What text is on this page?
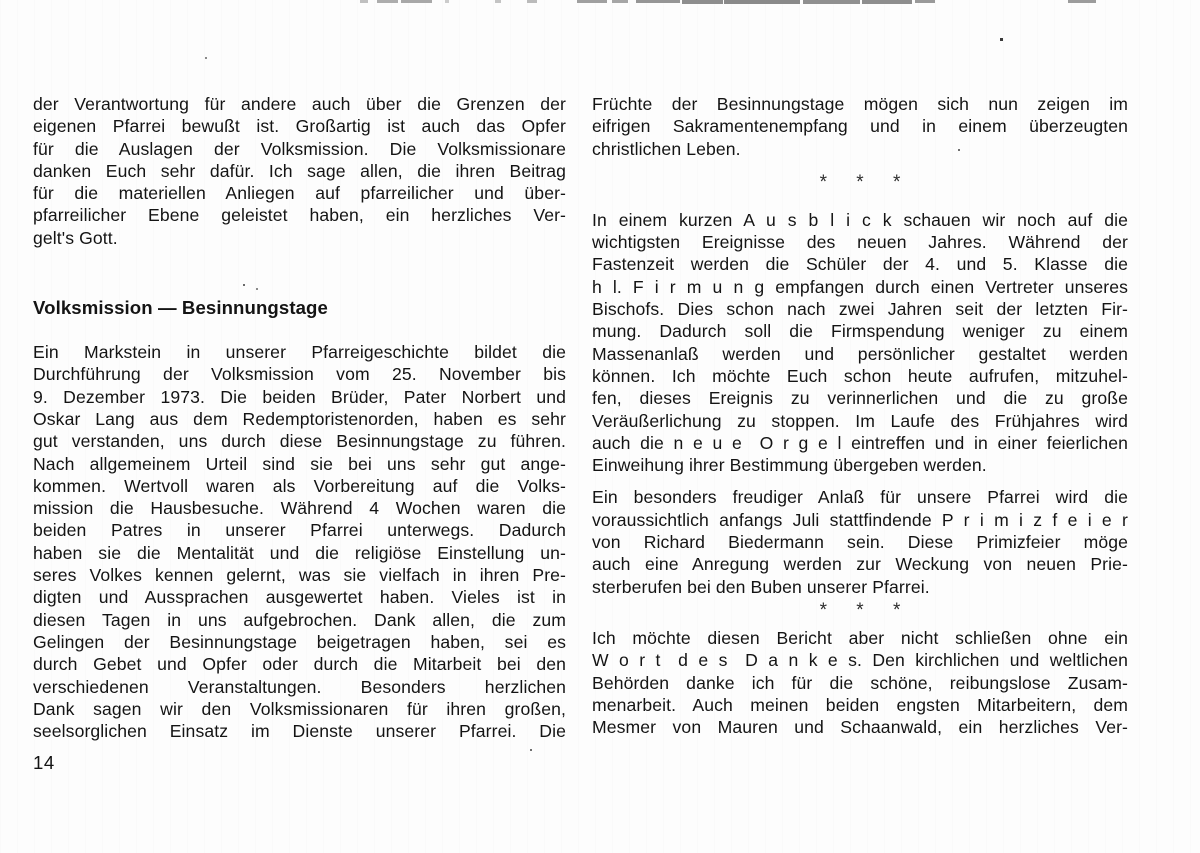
der Verantwortung für andere auch über die Grenzen der
eigenen Pfarrei bewußt ist. Großartig ist auch das Opfer
für die Auslagen der Volksmission. Die Volksmissionare
danken Euch sehr dafür. Ich sage allen, die ihren Beitrag
für die materiellen Anliegen auf pfarreilicher und über-
pfarreilicher Ebene geleistet haben, ein herzliches Ver-
gelt's Gott.
Volksmission — Besinnungstage
Ein Markstein in unserer Pfarreigeschichte bildet die
Durchführung der Volksmission vom 25. November bis
9. Dezember 1973. Die beiden Brüder, Pater Norbert und
Oskar Lang aus dem Redemptoristenorden, haben es sehr
gut verstanden, uns durch diese Besinnungstage zu führen.
Nach allgemeinem Urteil sind sie bei uns sehr gut ange-
kommen. Wertvoll waren als Vorbereitung auf die Volks-
mission die Hausbesuche. Während 4 Wochen waren die
beiden Patres in unserer Pfarrei unterwegs. Dadurch
haben sie die Mentalität und die religiöse Einstellung un-
seres Volkes kennen gelernt, was sie vielfach in ihren Pre-
digten und Aussprachen ausgewertet haben. Vieles ist in
diesen Tagen in uns aufgebrochen. Dank allen, die zum
Gelingen der Besinnungstage beigetragen haben, sei es
durch Gebet und Opfer oder durch die Mitarbeit bei den
verschiedenen Veranstaltungen. Besonders herzlichen
Dank sagen wir den Volksmissionaren für ihren großen,
seelsorglichen Einsatz im Dienste unserer Pfarrei. Die
Früchte der Besinnungstage mögen sich nun zeigen im
eifrigen Sakramentenempfang und in einem überzeugten
christlichen Leben.
* * *
In einem kurzen A u s b l i c k schauen wir noch auf die
wichtigsten Ereignisse des neuen Jahres. Während der
Fastenzeit werden die Schüler der 4. und 5. Klasse die
h l. F i r m u n g empfangen durch einen Vertreter unseres
Bischofs. Dies schon nach zwei Jahren seit der letzten Fir-
mung. Dadurch soll die Firmspendung weniger zu einem
Massenanlaß werden und persönlicher gestaltet werden
können. Ich möchte Euch schon heute aufrufen, mitzuhel-
fen, dieses Ereignis zu verinnerlichen und die zu große
Veräußerlichung zu stoppen. Im Laufe des Frühjahres wird
auch die n e u e O r g e l eintreffen und in einer feierlichen
Einweihung ihrer Bestimmung übergeben werden.
Ein besonders freudiger Anlaß für unsere Pfarrei wird die
voraussichtlich anfangs Juli stattfindende P r i m i z f e i e r
von Richard Biedermann sein. Diese Primizfeier möge
auch eine Anregung werden zur Weckung von neuen Prie-
sterberufen bei den Buben unserer Pfarrei.
* * *
Ich möchte diesen Bericht aber nicht schließen ohne ein
W o r t d e s D a n k e s. Den kirchlichen und weltlichen
Behörden danke ich für die schöne, reibungslose Zusam-
menarbeit. Auch meinen beiden engsten Mitarbeitern, dem
Mesmer von Mauren und Schaanwald, ein herzliches Ver-
14
